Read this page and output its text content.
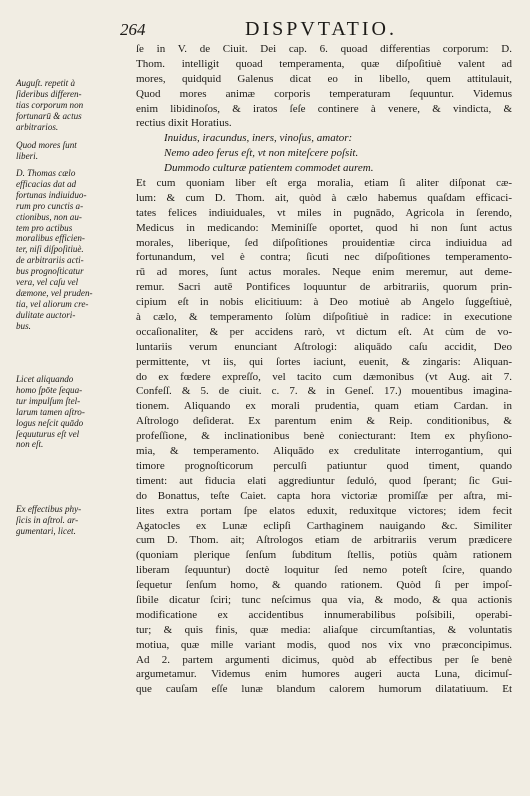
264	DISPVTATIO.
Auguſt. repetit à
ſideribus differen-
tias corporum non
fortunarū & actus
arbitrarios.
Quod mores ſunt
liberi.
D. Thomas cælo
efficacias dat ad
fortunas indiuiduo-
rum pro cunctis a-
ctionibus, non au-
tem pro actibus
moralibus efficien-
ter, niſi diſpoſitiuè.
de arbitrariis acti-
bus prognoſticatur
vera, vel caſu vel
dæmone, vel pruden-
tia, vel aliorum cre-
dulitate auctori-
bus.
Licet aliquando
homo ſpōte ſequa-
tur impulſum ſtel-
larum tamen aſtro-
logus neſcit quādo
ſequuturus eſt vel
non eſt.
Ex effectibus phy-
ſicis in aſtrol. ar-
gumentari, licet.
ſe in V. de Ciuit. Dei cap. 6. quoad differentias corporum: D.
Thom. intelligit quoad temperamenta, quæ diſpoſitiuè valent ad
mores, quidquid Galenus dicat eo in libello, quem attitulauit,
Quod mores animæ corporis temperaturam ſequuntur. Videmus
enim libidinoſos, & iratos ſeſe continere à venere, & vindicta, &
rectius dixit Horatius.
Inuidus, iracundus, iners, vinoſus, amator:
Nemo adeo ferus eſt, vt non miteſcere poſsit.
Dummodo culturæ patientem commodet aurem.
Et cum quoniam liber eſt erga moralia, etiam ſi aliter diſponat cæ-
lum: & cum D. Thom. ait, quòd à cælo habemus quaſdam efficaci-
tates felices indiuiduales, vt miles in pugnādo, Agricola in ſerendo,
Medicus in medicando: Meminiſſe oportet, quod hi non ſunt actus
morales, liberique, ſed diſpoſitiones prouidentiæ circa indiuidua ad
fortunandum, vel è contra; ſicuti nec diſpoſitiones temperamento-
rū ad mores, ſunt actus morales. Neque enim meremur, aut deme-
remur. Sacri autē Pontifices loquuntur de arbitrariis, quorum prin-
cipium eſt in nobis elicitiuum: à Deo motiuè ab Angelo ſuggeſtiuè,
à cælo, & temperamento ſolùm diſpoſitiuè in radice: in executione
occaſionaliter, & per accidens rarò, vt dictum eſt. At cùm de vo-
luntariis verum enunciant Aſtrologi: aliquādo caſu accidit, Deo
permittente, vt iis, qui ſortes iaciunt, euenit, & zingaris: Aliquan-
do ex fœdere expreſſo, vel tacito cum dæmonibus (vt Aug. ait 7.
Confeſſ. & 5. de ciuit. c. 7. & in Geneſ. 17.) mouentibus imagina-
tionem. Aliquando ex morali prudentia, quam etiam Cardan. in
Aſtrologo deſiderat. Ex parentum enim & Reip. conditionibus, &
profeſſione, & inclinationibus benè coniecturant: Item ex phyſiono-
mia, & temperamento. Aliquādo ex credulitate interrogantium, qui
timore prognoſticorum perculſi patiuntur quod timent, quando
timent: aut fiducia elati aggrediuntur ſeduló, quod ſperant; ſic Gui-
do Bonattus, teſte Caiet. capta hora victoriæ promiſſæ per aſtra, mi-
lites extra portam ſpe elatos eduxit, reduxitque victores; idem fecit
Agatocles ex Lunæ eclipſi Carthaginem nauigando &c. Similiter
cum D. Thom. ait; Aſtrologos etiam de arbitrariis verum prædicere
(quoniam plerique ſenſum ſubditum ſtellis, potiùs quàm rationem
liberam ſequuntur) doctè loquitur ſed nemo poteſt ſcire, quando
ſequetur ſenſum homo, & quando rationem. Quòd ſi per impoſ-
ſibile dicatur ſciri; tunc neſcimus qua via, & modo, & qua actionis
modificatione ex accidentibus innumerabilibus poſsibili, operabi-
tur; & quis finis, quæ media: aliaſque circumſtantias, & voluntatis
motiua, quæ mille variant modis, quod nos vix vno præconcipimus.
Ad 2. partem argumenti dicimus, quòd ab effectibus per ſe benè
argumetamur. Videmus enim humores augeri aucta Luna, dicimuſ-
que cauſam eſſe lunæ blandum calorem humorum dilatatiuum. Et
